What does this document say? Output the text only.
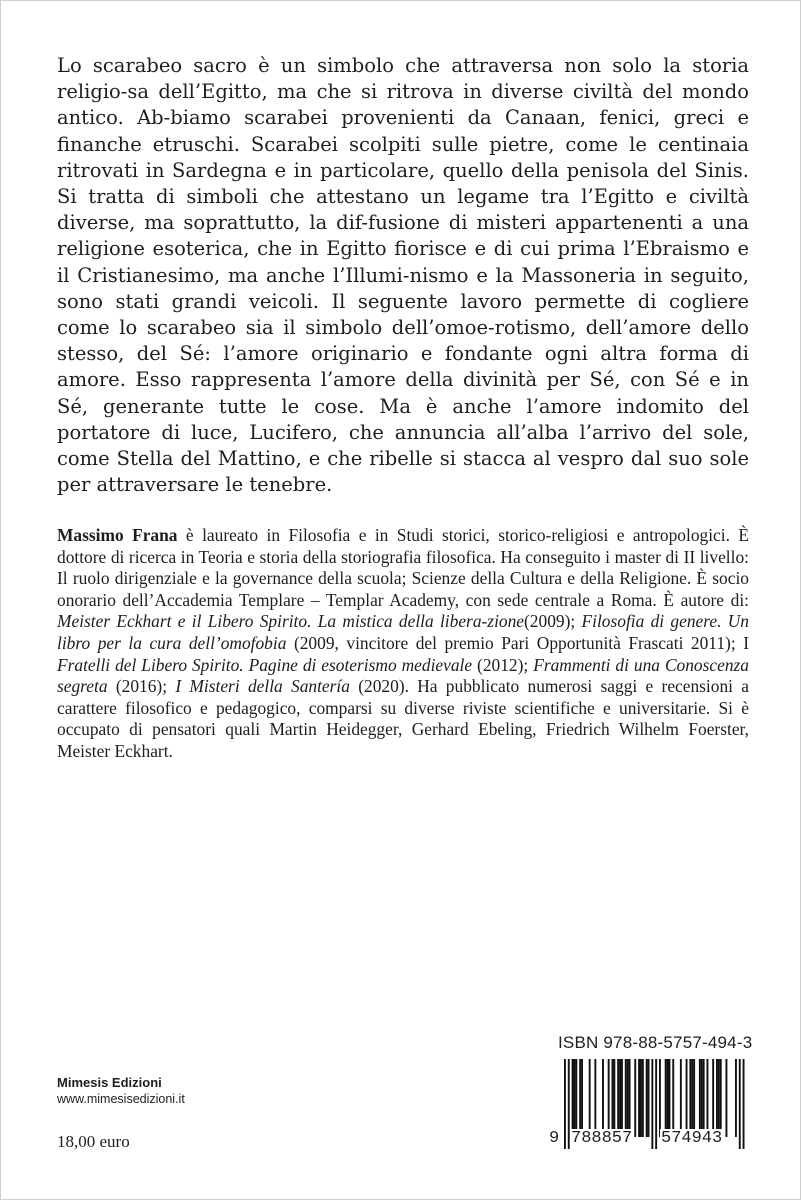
Lo scarabeo sacro è un simbolo che attraversa non solo la storia religio-sa dell’Egitto, ma che si ritrova in diverse civiltà del mondo antico. Ab-biamo scarabei provenienti da Canaan, fenici, greci e finanche etruschi. Scarabei scolpiti sulle pietre, come le centinaia ritrovati in Sardegna e in particolare, quello della penisola del Sinis. Si tratta di simboli che attestano un legame tra l’Egitto e civiltà diverse, ma soprattutto, la dif-fusione di misteri appartenenti a una religione esoterica, che in Egitto fiorisce e di cui prima l’Ebraismo e il Cristianesimo, ma anche l’Illumi-nismo e la Massoneria in seguito, sono stati grandi veicoli. Il seguente lavoro permette di cogliere come lo scarabeo sia il simbolo dell’omoe-rotismo, dell’amore dello stesso, del Sé: l’amore originario e fondante ogni altra forma di amore. Esso rappresenta l’amore della divinità per Sé, con Sé e in Sé, generante tutte le cose. Ma è anche l’amore indomito del portatore di luce, Lucifero, che annuncia all’alba l’arrivo del sole, come Stella del Mattino, e che ribelle si stacca al vespro dal suo sole per attraversare le tenebre.

Massimo Frana è laureato in Filosofia e in Studi storici, storico-religiosi e antropologici. È dottore di ricerca in Teoria e storia della storiografia filosofica. Ha conseguito i master di II livello: Il ruolo dirigenziale e la governance della scuola; Scienze della Cultura e della Religione. È socio onorario dell’Accademia Templare – Templar Academy, con sede centrale a Roma. È autore di: Meister Eckhart e il Libero Spirito. La mistica della libera-zione(2009); Filosofia di genere. Un libro per la cura dell’omofobia (2009, vincitore del premio Pari Opportunità Frascati 2011); I Fratelli del Libero Spirito. Pagine di esoterismo medievale (2012); Frammenti di una Conoscenza segreta (2016); I Misteri della Santería (2020). Ha pubblicato numerosi saggi e recensioni a carattere filosofico e pedagogico, comparsi su diverse riviste scientifiche e universitarie. Si è occupato di pensatori quali Martin Heidegger, Gerhard Ebeling, Friedrich Wilhelm Foerster, Meister Eckhart.

Mimesis Edizioni
www.mimesisedizioni.it
18,00 euro
ISBN 978-88-5757-494-3
9 788857 574943
